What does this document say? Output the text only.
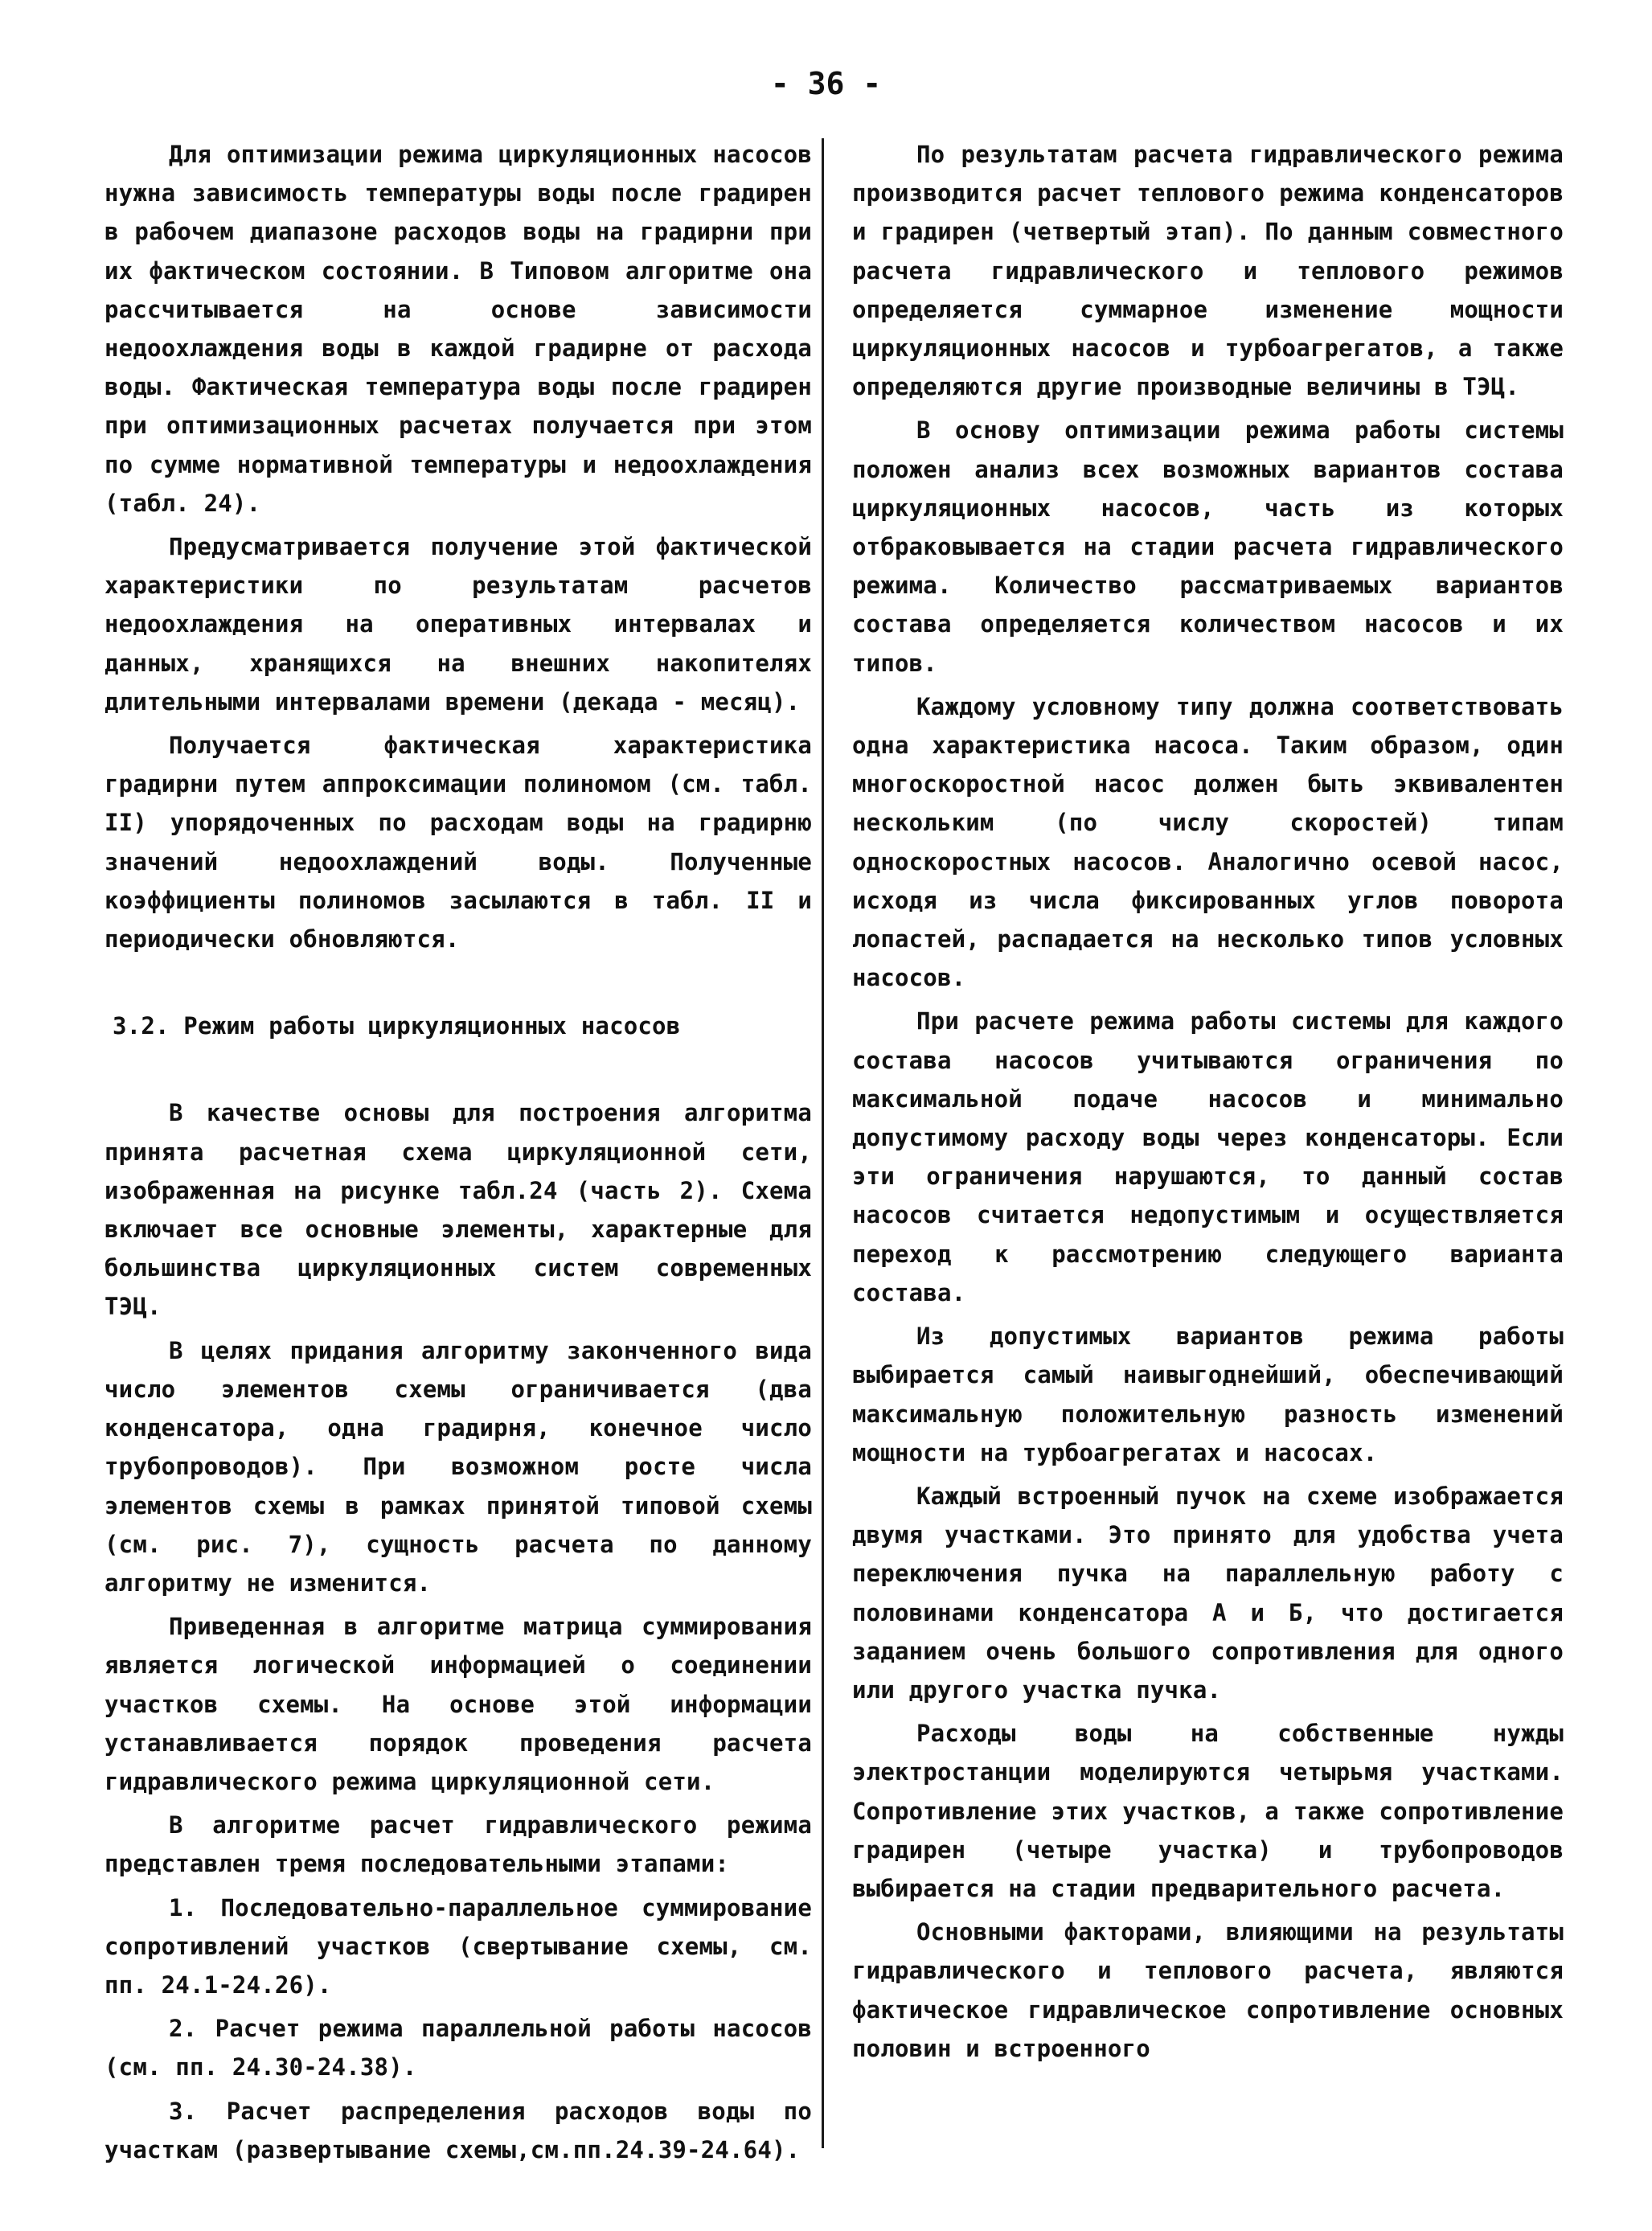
- 36 -

Для оптимизации режима циркуляционных насосов нужна зависимость температуры воды после градирен в рабочем диапазоне расходов воды на градирни при их фактическом состоянии. В Типовом алгоритме она рассчитывается на основе зависимости недоохлаждения воды в каждой градирне от расхода воды. Фактическая температура воды после градирен при оптимизационных расчетах получается при этом по сумме нормативной температуры и недоохлаждения (табл. 24).

Предусматривается получение этой фактической характеристики по результатам расчетов недоохлаждения на оперативных интервалах и данных, хранящихся на внешних накопителях длительными интервалами времени (декада - месяц).

Получается фактическая характеристика градирни путем аппроксимации полиномом (см. табл. II) упорядоченных по расходам воды на градирню значений недоохлаждений воды. Полученные коэффициенты полиномов засылаются в табл. II и периодически обновляются.

3.2. Режим работы циркуляционных насосов

В качестве основы для построения алгоритма принята расчетная схема циркуляционной сети, изображенная на рисунке табл.24 (часть 2). Схема включает все основные элементы, характерные для большинства циркуляционных систем современных ТЭЦ.

В целях придания алгоритму законченного вида число элементов схемы ограничивается (два конденсатора, одна градирня, конечное число трубопроводов). При возможном росте числа элементов схемы в рамках принятой типовой схемы (см. рис. 7), сущность расчета по данному алгоритму не изменится.

Приведенная в алгоритме матрица суммирования является логической информацией о соединении участков схемы. На основе этой информации устанавливается порядок проведения расчета гидравлического режима циркуляционной сети.

В алгоритме расчет гидравлического режима представлен тремя последовательными этапами:

1. Последовательно-параллельное суммирование сопротивлений участков (свертывание схемы, см. пп. 24.1-24.26).

2. Расчет режима параллельной работы насосов (см. пп. 24.30-24.38).

3. Расчет распределения расходов воды по участкам (развертывание схемы,см.пп.24.39-24.64).

По результатам расчета гидравлического режима производится расчет теплового режима конденсаторов и градирен (четвертый этап). По данным совместного расчета гидравлического и теплового режимов определяется суммарное изменение мощности циркуляционных насосов и турбоагрегатов, а также определяются другие производные величины в ТЭЦ.

В основу оптимизации режима работы системы положен анализ всех возможных вариантов состава циркуляционных насосов, часть из которых отбраковывается на стадии расчета гидравлического режима. Количество рассматриваемых вариантов состава определяется количеством насосов и их типов.

Каждому условному типу должна соответствовать одна характеристика насоса. Таким образом, один многоскоростной насос должен быть эквивалентен нескольким (по числу скоростей) типам односкоростных насосов. Аналогично осевой насос, исходя из числа фиксированных углов поворота лопастей, распадается на несколько типов условных насосов.

При расчете режима работы системы для каждого состава насосов учитываются ограничения по максимальной подаче насосов и минимально допустимому расходу воды через конденсаторы. Если эти ограничения нарушаются, то данный состав насосов считается недопустимым и осуществляется переход к рассмотрению следующего варианта состава.

Из допустимых вариантов режима работы выбирается самый наивыгоднейший, обеспечивающий максимальную положительную разность изменений мощности на турбоагрегатах и насосах.

Каждый встроенный пучок на схеме изображается двумя участками. Это принято для удобства учета переключения пучка на параллельную работу с половинами конденсатора А и Б, что достигается заданием очень большого сопротивления для одного или другого участка пучка.

Расходы воды на собственные нужды электростанции моделируются четырьмя участками. Сопротивление этих участков, а также сопротивление градирен (четыре участка) и трубопроводов выбирается на стадии предварительного расчета.

Основными факторами, влияющими на результаты гидравлического и теплового расчета, являются фактическое гидравлическое сопротивление основных половин и встроенного
